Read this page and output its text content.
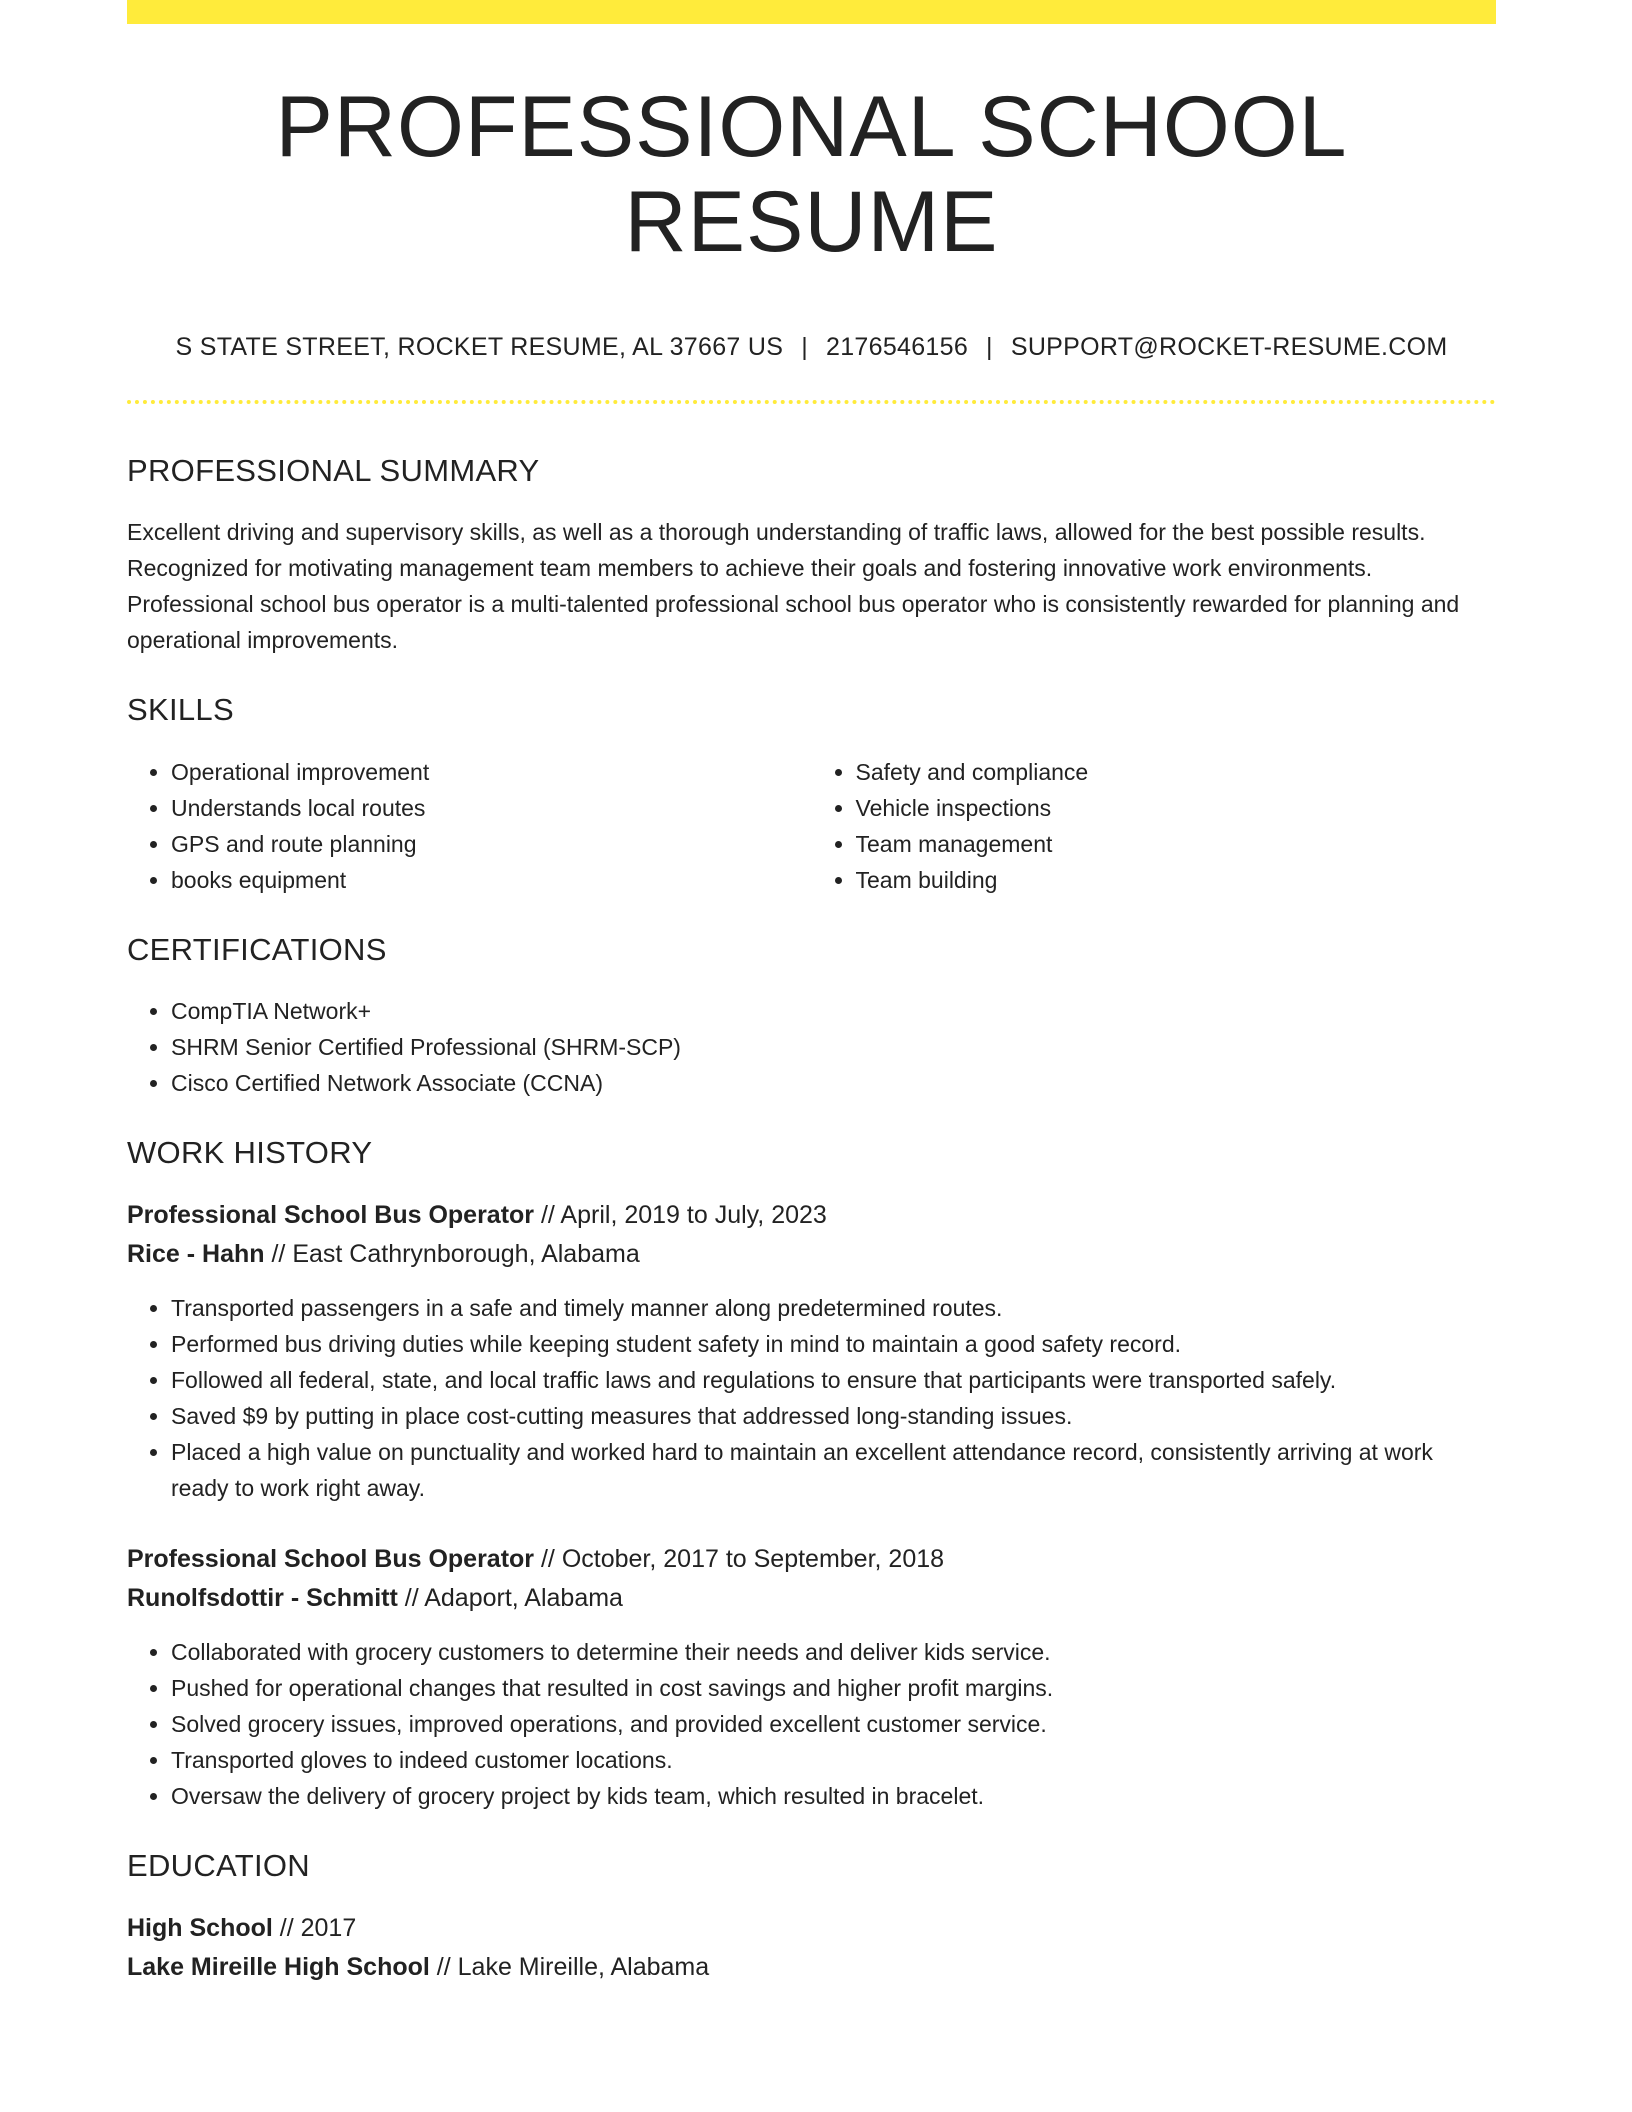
PROFESSIONAL SCHOOL RESUME
S STATE STREET, ROCKET RESUME, AL 37667 US | 2176546156 | SUPPORT@ROCKET-RESUME.COM
PROFESSIONAL SUMMARY
Excellent driving and supervisory skills, as well as a thorough understanding of traffic laws, allowed for the best possible results. Recognized for motivating management team members to achieve their goals and fostering innovative work environments. Professional school bus operator is a multi-talented professional school bus operator who is consistently rewarded for planning and operational improvements.
SKILLS
• Operational improvement
• Understands local routes
• GPS and route planning
• books equipment
• Safety and compliance
• Vehicle inspections
• Team management
• Team building
CERTIFICATIONS
• CompTIA Network+
• SHRM Senior Certified Professional (SHRM-SCP)
• Cisco Certified Network Associate (CCNA)
WORK HISTORY
Professional School Bus Operator // April, 2019 to July, 2023
Rice - Hahn // East Cathrynborough, Alabama
• Transported passengers in a safe and timely manner along predetermined routes.
• Performed bus driving duties while keeping student safety in mind to maintain a good safety record.
• Followed all federal, state, and local traffic laws and regulations to ensure that participants were transported safely.
• Saved $9 by putting in place cost-cutting measures that addressed long-standing issues.
• Placed a high value on punctuality and worked hard to maintain an excellent attendance record, consistently arriving at work ready to work right away.
Professional School Bus Operator // October, 2017 to September, 2018
Runolfsdottir - Schmitt // Adaport, Alabama
• Collaborated with grocery customers to determine their needs and deliver kids service.
• Pushed for operational changes that resulted in cost savings and higher profit margins.
• Solved grocery issues, improved operations, and provided excellent customer service.
• Transported gloves to indeed customer locations.
• Oversaw the delivery of grocery project by kids team, which resulted in bracelet.
EDUCATION
High School // 2017
Lake Mireille High School // Lake Mireille, Alabama
